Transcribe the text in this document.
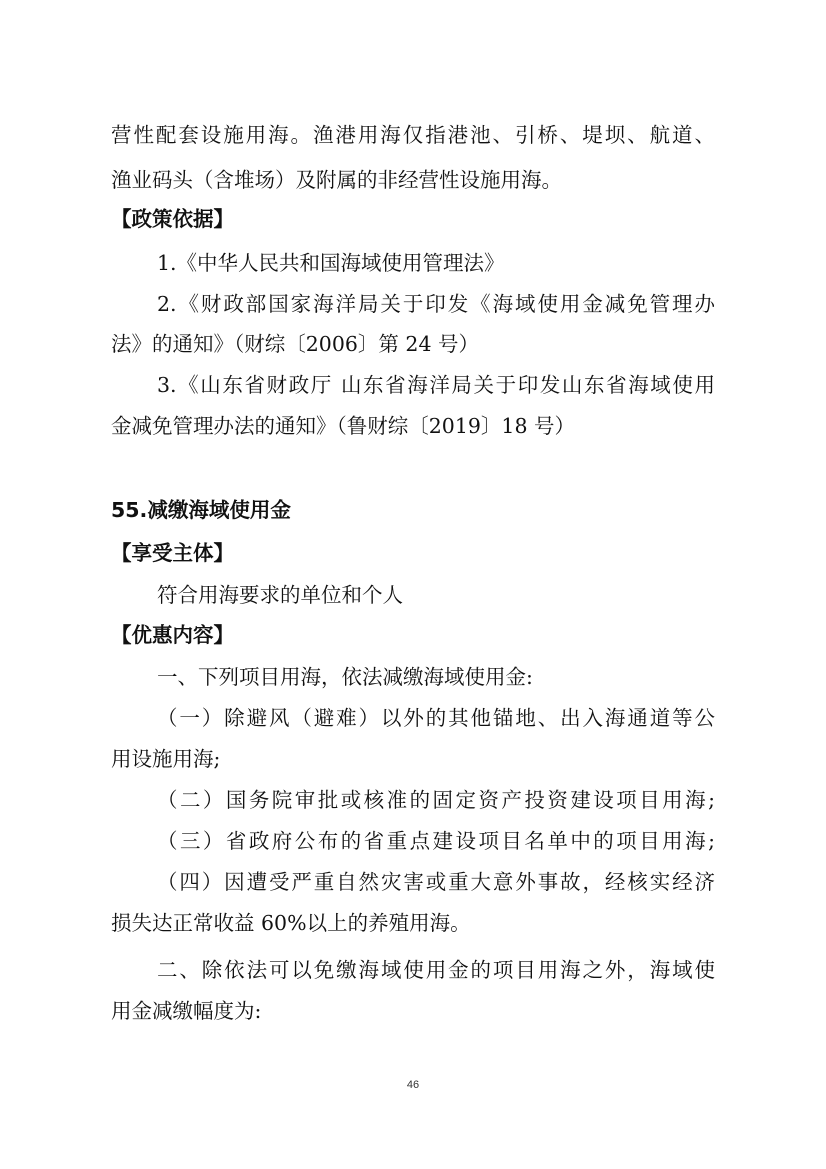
营性配套设施用海。渔港用海仅指港池、引桥、堤坝、航道、
渔业码头（含堆场）及附属的非经营性设施用海。
【政策依据】
1.《中华人民共和国海域使用管理法》
2.《财政部国家海洋局关于印发《海域使用金减免管理办
法》的通知》（财综〔2006〕第 24 号）
3.《山东省财政厅 山东省海洋局关于印发山东省海域使用
金减免管理办法的通知》（鲁财综〔2019〕18 号）
55.减缴海域使用金
【享受主体】
符合用海要求的单位和个人
【优惠内容】
一、下列项目用海，依法减缴海域使用金:
（一）除避风（避难）以外的其他锚地、出入海通道等公
用设施用海;
（二）国务院审批或核准的固定资产投资建设项目用海;
（三）省政府公布的省重点建设项目名单中的项目用海;
（四）因遭受严重自然灾害或重大意外事故，经核实经济
损失达正常收益 60%以上的养殖用海。
二、除依法可以免缴海域使用金的项目用海之外，海域使
用金减缴幅度为:
46
